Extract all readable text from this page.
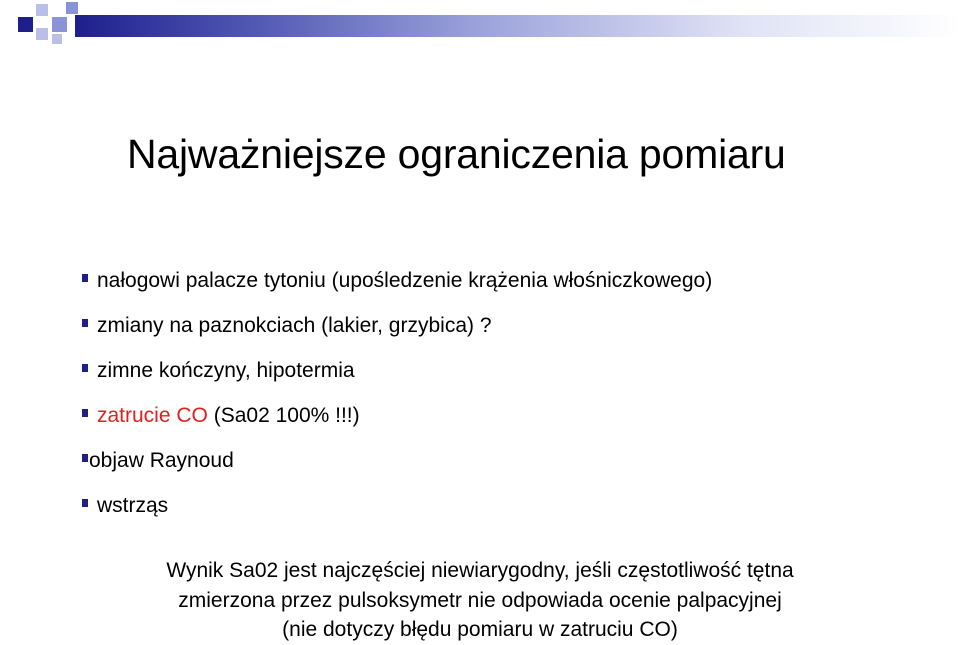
Najważniejsze ograniczenia pomiaru
nałogowi palacze tytoniu (upośledzenie krążenia włośniczkowego)
zmiany na paznokciach (lakier, grzybica) ?
zimne kończyny, hipotermia
zatrucie CO (Sa02 100% !!!)
objaw Raynoud
wstrząs
Wynik Sa02 jest najczęściej niewiarygodny, jeśli częstotliwość tętna
zmierzona przez pulsoksymetr nie odpowiada ocenie palpacyjnej
(nie dotyczy błędu pomiaru w zatruciu CO)
